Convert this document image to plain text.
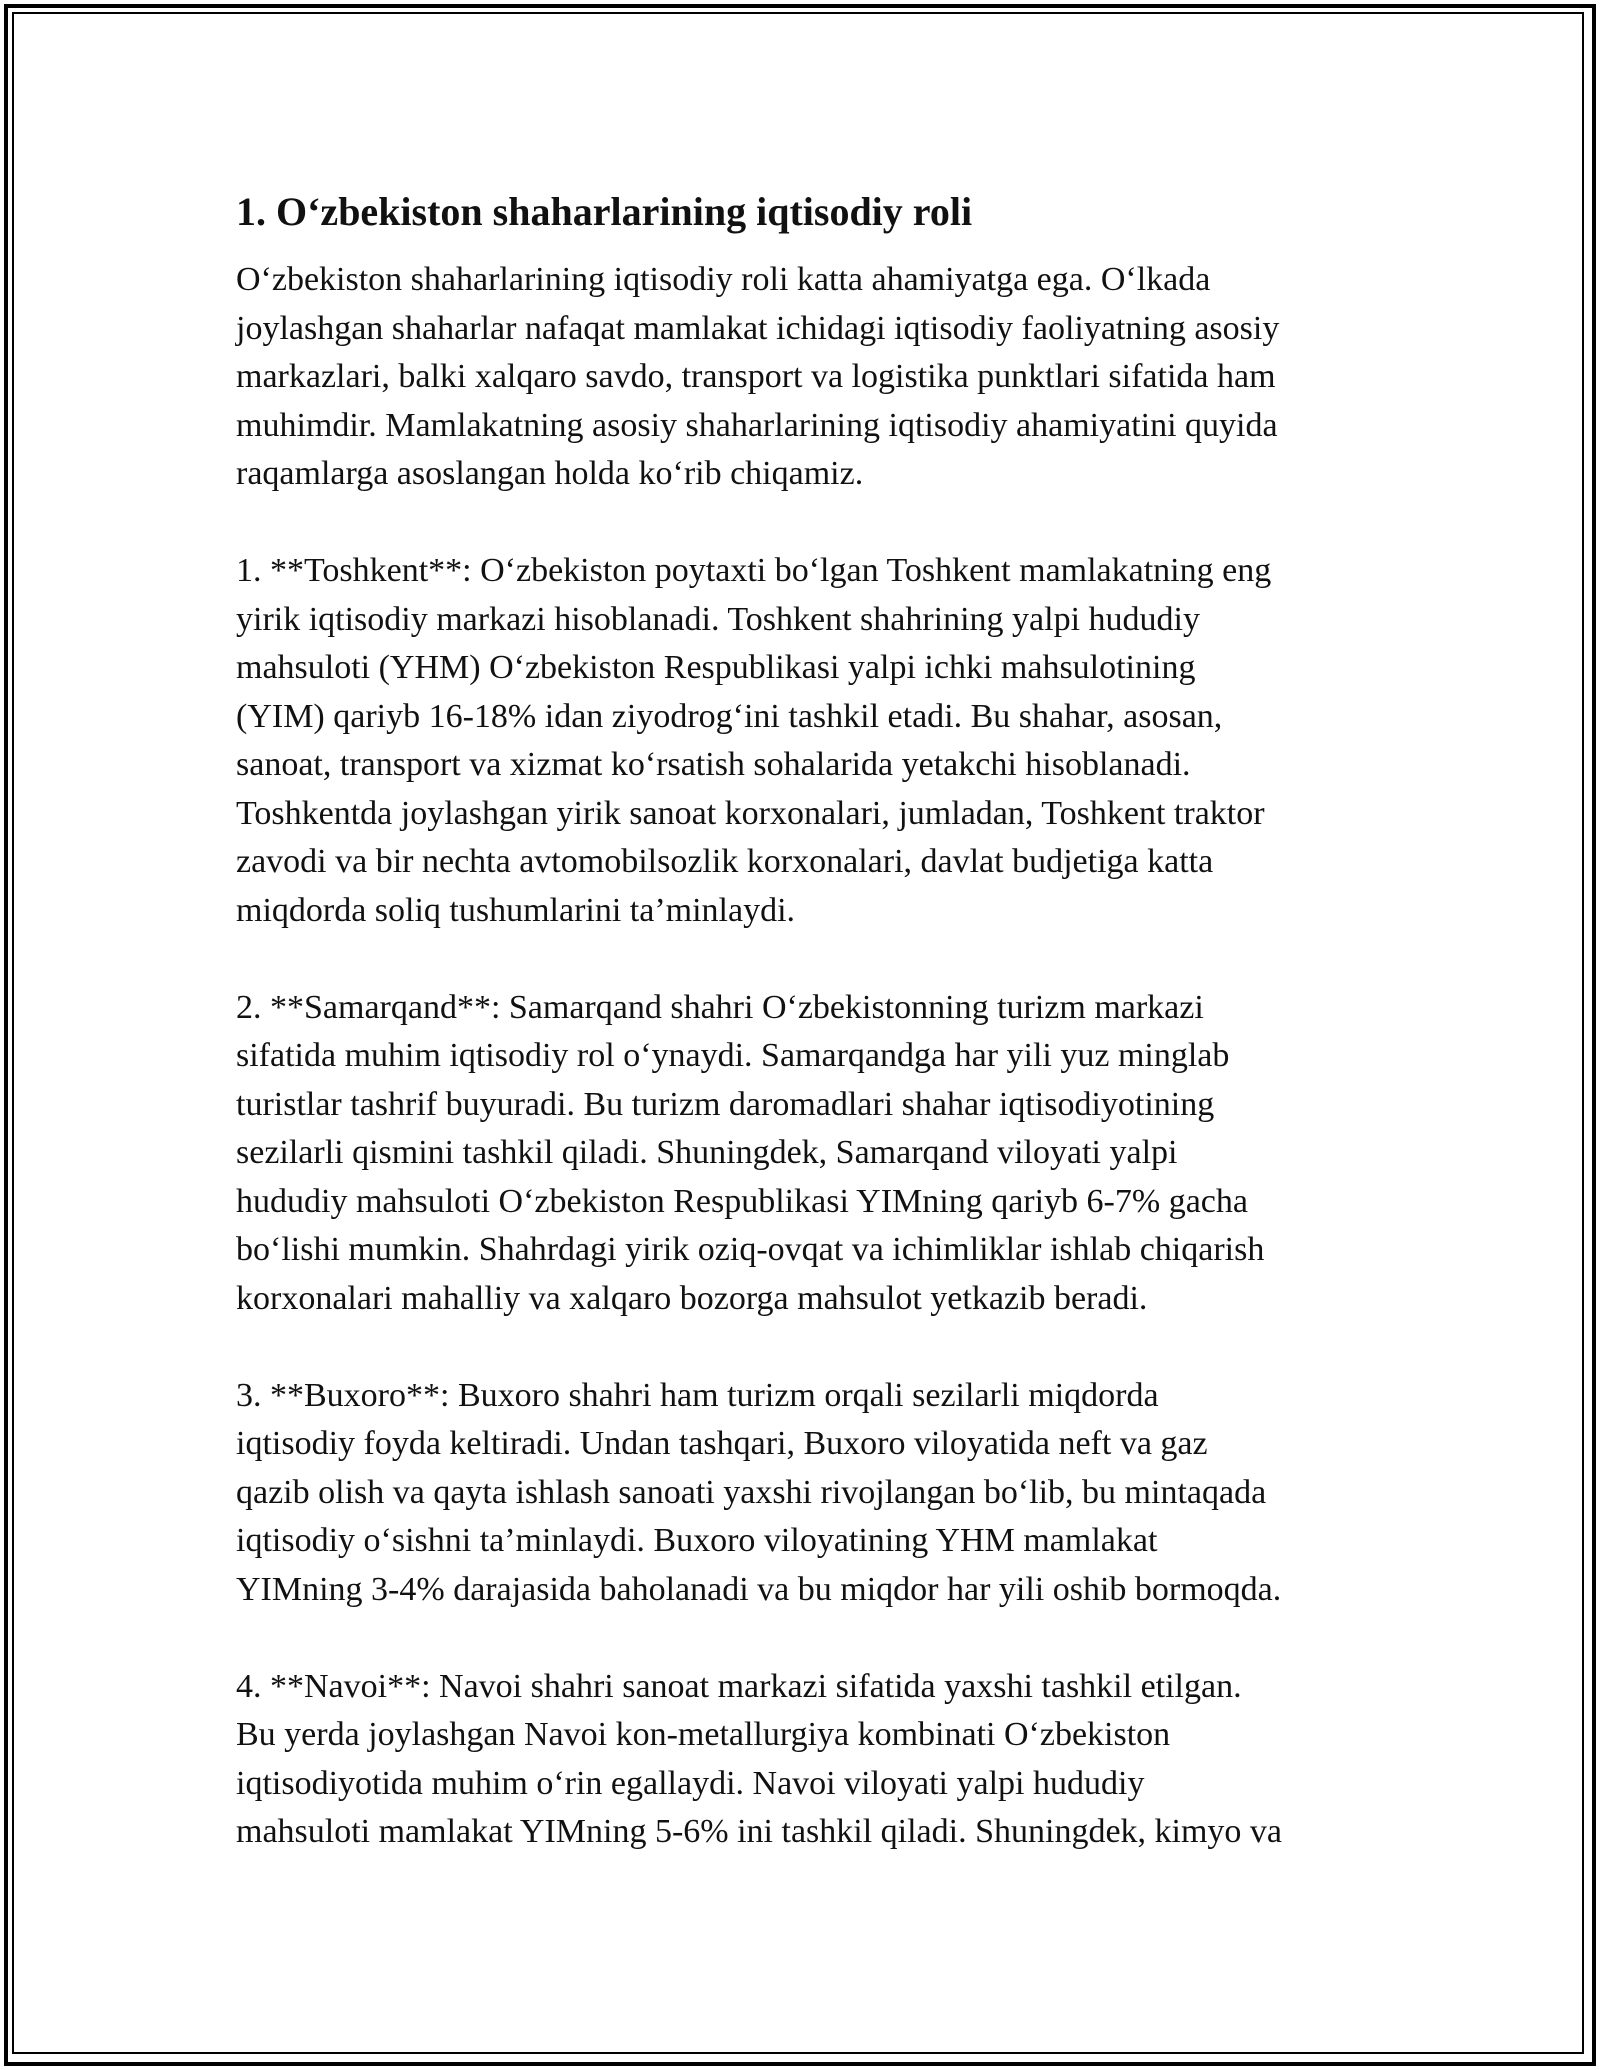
1. O‘zbekiston shaharlarining iqtisodiy roli

O‘zbekiston shaharlarining iqtisodiy roli katta ahamiyatga ega. O‘lkada
joylashgan shaharlar nafaqat mamlakat ichidagi iqtisodiy faoliyatning asosiy
markazlari, balki xalqaro savdo, transport va logistika punktlari sifatida ham
muhimdir. Mamlakatning asosiy shaharlarining iqtisodiy ahamiyatini quyida
raqamlarga asoslangan holda ko‘rib chiqamiz.

1. **Toshkent**: O‘zbekiston poytaxti bo‘lgan Toshkent mamlakatning eng
yirik iqtisodiy markazi hisoblanadi. Toshkent shahrining yalpi hududiy
mahsuloti (YHM) O‘zbekiston Respublikasi yalpi ichki mahsulotining
(YIM) qariyb 16-18% idan ziyodrog‘ini tashkil etadi. Bu shahar, asosan,
sanoat, transport va xizmat ko‘rsatish sohalarida yetakchi hisoblanadi.
Toshkentda joylashgan yirik sanoat korxonalari, jumladan, Toshkent traktor
zavodi va bir nechta avtomobilsozlik korxonalari, davlat budjetiga katta
miqdorda soliq tushumlarini ta’minlaydi.

2. **Samarqand**: Samarqand shahri O‘zbekistonning turizm markazi
sifatida muhim iqtisodiy rol o‘ynaydi. Samarqandga har yili yuz minglab
turistlar tashrif buyuradi. Bu turizm daromadlari shahar iqtisodiyotining
sezilarli qismini tashkil qiladi. Shuningdek, Samarqand viloyati yalpi
hududiy mahsuloti O‘zbekiston Respublikasi YIMning qariyb 6-7% gacha
bo‘lishi mumkin. Shahrdagi yirik oziq-ovqat va ichimliklar ishlab chiqarish
korxonalari mahalliy va xalqaro bozorga mahsulot yetkazib beradi.

3. **Buxoro**: Buxoro shahri ham turizm orqali sezilarli miqdorda
iqtisodiy foyda keltiradi. Undan tashqari, Buxoro viloyatida neft va gaz
qazib olish va qayta ishlash sanoati yaxshi rivojlangan bo‘lib, bu mintaqada
iqtisodiy o‘sishni ta’minlaydi. Buxoro viloyatining YHM mamlakat
YIMning 3-4% darajasida baholanadi va bu miqdor har yili oshib bormoqda.

4. **Navoi**: Navoi shahri sanoat markazi sifatida yaxshi tashkil etilgan.
Bu yerda joylashgan Navoi kon-metallurgiya kombinati O‘zbekiston
iqtisodiyotida muhim o‘rin egallaydi. Navoi viloyati yalpi hududiy
mahsuloti mamlakat YIMning 5-6% ini tashkil qiladi. Shuningdek, kimyo va
